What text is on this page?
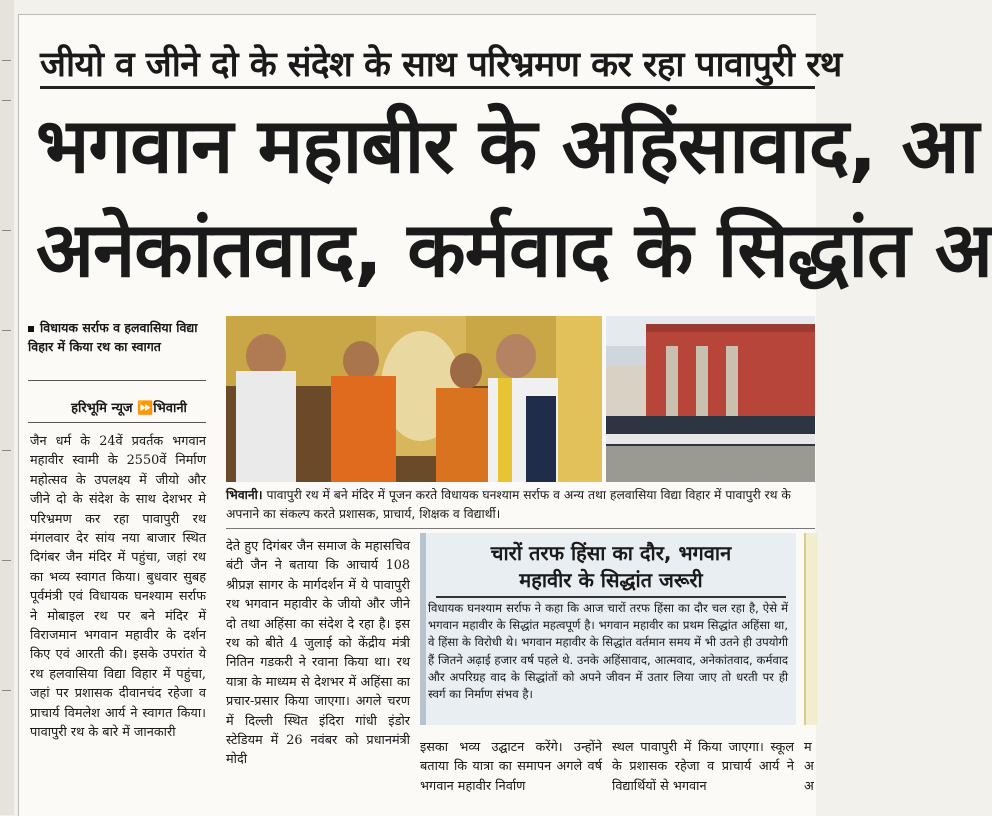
जीयो व जीने दो के संदेश के साथ परिभ्रमण कर रहा पावापुरी रथ
भगवान महाबीर के अहिंसावाद, आ
अनेकांतवाद, कर्मवाद के सिद्धांत अ
विधायक सर्राफ व हलवासिया विद्या विहार में किया रथ का स्वागत
हरिभूमि न्यूज ⏩भिवानी

जैन धर्म के 24वें प्रवर्तक भगवान महावीर स्वामी के 2550वें निर्माण महोत्सव के उपलक्ष्य में जीयो और जीने दो के संदेश के साथ देशभर मे परिभ्रमण कर रहा पावापुरी रथ मंगलवार देर सांय नया बाजार स्थित दिगंबर जैन मंदिर में पहुंचा, जहां रथ का भव्य स्वागत किया। बुधवार सुबह पूर्वमंत्री एवं विधायक घनश्याम सर्राफ ने मोबाइल रथ पर बने मंदिर में विराजमान भगवान महावीर के दर्शन किए एवं आरती की। इसके उपरांत ये रथ हलवासिया विद्या विहार में पहुंचा, जहां पर प्रशासक दीवानचंद रहेजा व प्राचार्य विमलेश आर्य ने स्वागत किया। पावापुरी रथ के बारे में जानकारी

देते हुए दिगंबर जैन समाज के महासचिव बंटी जैन ने बताया कि आचार्य 108 श्रीप्रज्ञ सागर के मार्गदर्शन में ये पावापुरी रथ भगवान महावीर के जीयो और जीने दो तथा अहिंसा का संदेश दे रहा है। इस रथ को बीते 4 जुलाई को केंद्रीय मंत्री नितिन गडकरी ने रवाना किया था। रथ यात्रा के माध्यम से देशभर में अहिंसा का प्रचार-प्रसार किया जाएगा। अगले चरण में दिल्ली स्थित इंदिरा गांधी इंडोर स्टेडियम में 26 नवंबर को प्रधानमंत्री मोदी

इसका भव्य उद्घाटन करेंगे। उन्होंने बताया कि यात्रा का समापन अगले वर्ष भगवान महावीर निर्वाण

स्थल पावापुरी में किया जाएगा। स्कूल के प्रशासक रहेजा व प्राचार्य आर्य ने विद्यार्थियों से भगवान

म अ अ

भिवानी। पावापुरी रथ में बने मंदिर में पूजन करते विधायक घनश्याम सर्राफ व अन्य तथा हलवासिया विद्या विहार में पावापुरी रथ के
अपनाने का संकल्प करते प्रशासक, प्राचार्य, शिक्षक व विद्यार्थी।
चारों तरफ हिंसा का दौर, भगवान
महावीर के सिद्धांत जरूरी
विधायक घनश्याम सर्राफ ने कहा कि आज चारों तरफ हिंसा का दौर चल रहा है, ऐसे में भगवान महावीर के सिद्धांत महत्वपूर्ण है। भगवान महावीर का प्रथम सिद्धांत अहिंसा था, वे हिंसा के विरोधी थे। भगवान महावीर के सिद्धांत वर्तमान समय में भी उतने ही उपयोगी हैं जितने अढ़ाई हजार वर्ष पहले थे. उनके अहिंसावाद, आत्मवाद, अनेकांतवाद, कर्मवाद और अपरिग्रह वाद के सिद्धांतों को अपने जीवन में उतार लिया जाए तो धरती पर ही स्वर्ग का निर्माण संभव है।
